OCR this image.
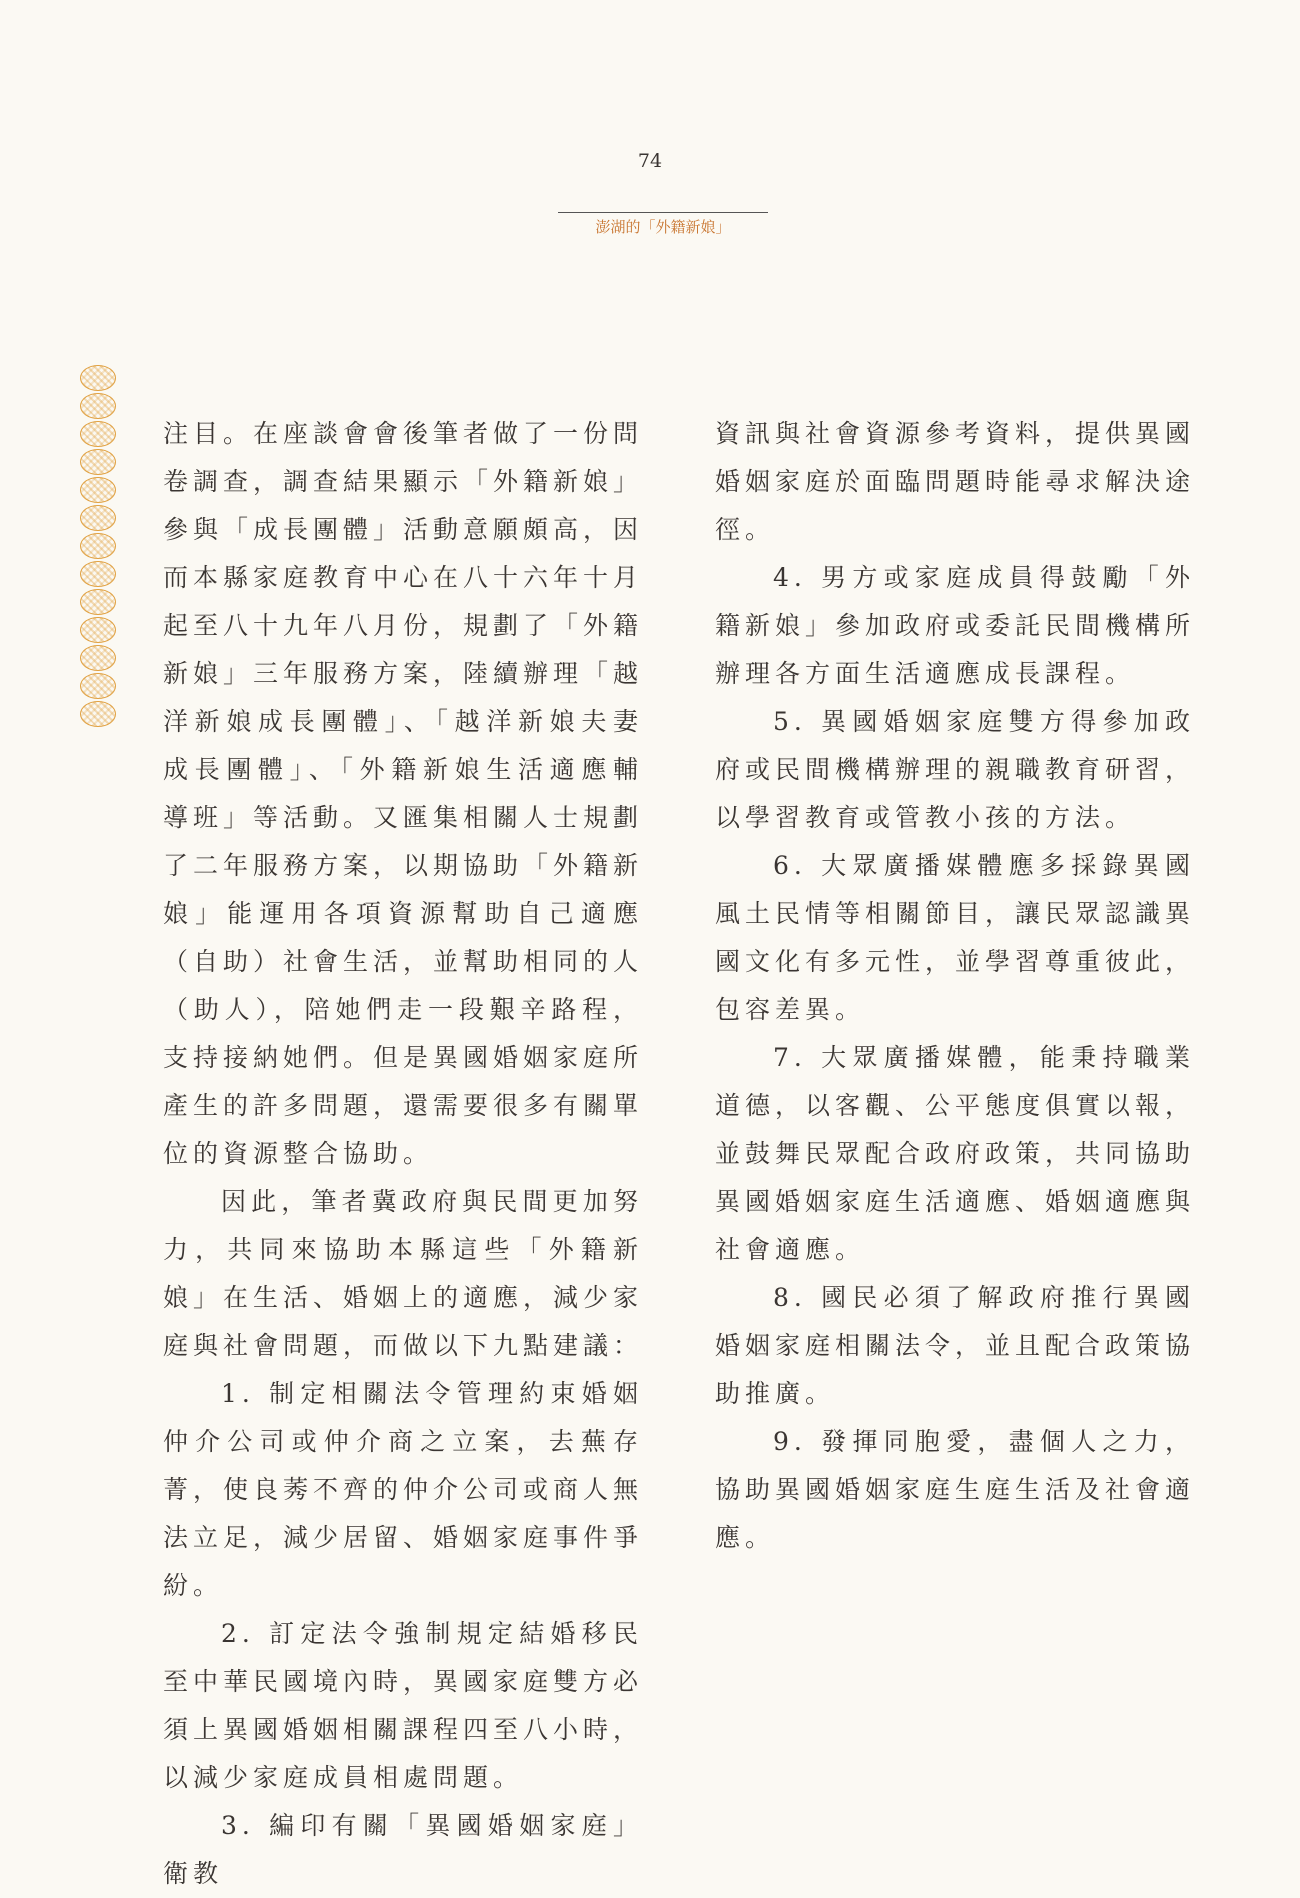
74
澎湖的「外籍新娘」

注目。在座談會會後筆者做了一份問卷調查，調查結果顯示「外籍新娘」參與「成長團體」活動意願頗高，因而本縣家庭教育中心在八十六年十月起至八十九年八月份，規劃了「外籍新娘」三年服務方案，陸續辦理「越洋新娘成長團體」、「越洋新娘夫妻成長團體」、「外籍新娘生活適應輔導班」等活動。又匯集相關人士規劃了二年服務方案，以期協助「外籍新娘」能運用各項資源幫助自己適應（自助）社會生活，並幫助相同的人（助人），陪她們走一段艱辛路程，支持接納她們。但是異國婚姻家庭所產生的許多問題，還需要很多有關單位的資源整合協助。

因此，筆者冀政府與民間更加努力，共同來協助本縣這些「外籍新娘」在生活、婚姻上的適應，減少家庭與社會問題，而做以下九點建議：

1. 制定相關法令管理約束婚姻仲介公司或仲介商之立案，去蕪存菁，使良莠不齊的仲介公司或商人無法立足，減少居留、婚姻家庭事件爭紛。

2. 訂定法令強制規定結婚移民至中華民國境內時，異國家庭雙方必須上異國婚姻相關課程四至八小時，以減少家庭成員相處問題。

3. 編印有關「異國婚姻家庭」衛教

資訊與社會資源參考資料，提供異國婚姻家庭於面臨問題時能尋求解決途徑。

4. 男方或家庭成員得鼓勵「外籍新娘」參加政府或委託民間機構所辦理各方面生活適應成長課程。

5. 異國婚姻家庭雙方得參加政府或民間機構辦理的親職教育研習，以學習教育或管教小孩的方法。

6. 大眾廣播媒體應多採錄異國風土民情等相關節目，讓民眾認識異國文化有多元性，並學習尊重彼此，包容差異。

7. 大眾廣播媒體，能秉持職業道德，以客觀、公平態度俱實以報，並鼓舞民眾配合政府政策，共同協助異國婚姻家庭生活適應、婚姻適應與社會適應。

8. 國民必須了解政府推行異國婚姻家庭相關法令，並且配合政策協助推廣。

9. 發揮同胞愛，盡個人之力，協助異國婚姻家庭生庭生活及社會適應。
